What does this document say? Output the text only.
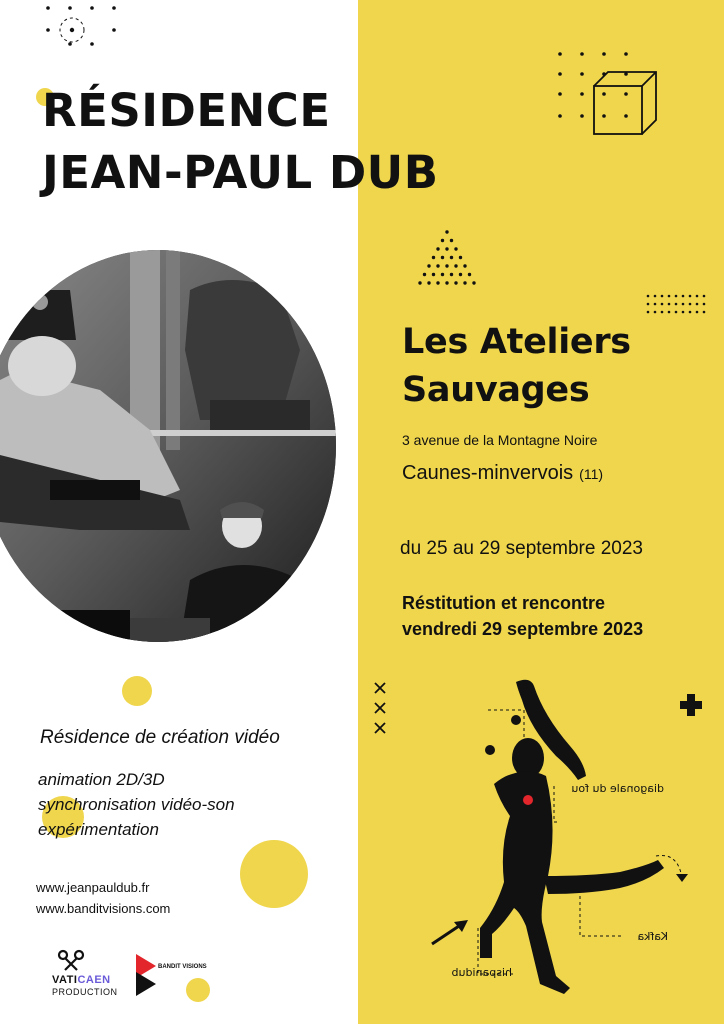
RÉSIDENCE
JEAN-PAUL DUB
Les Ateliers
Sauvages
3 avenue de la Montagne Noire
Caunes-minvervois (11)
du 25 au 29 septembre 2023
Réstitution et rencontre
vendredi 29 septembre 2023
Résidence de création vidéo
animation 2D/3D
synchronisation vidéo-son
expérimentation
www.jeanpauldub.fr
www.banditvisions.com
VATICAEN
PRODUCTION
BANDIT VISIONS
diagonale du fou
Kafka
hispanidub
